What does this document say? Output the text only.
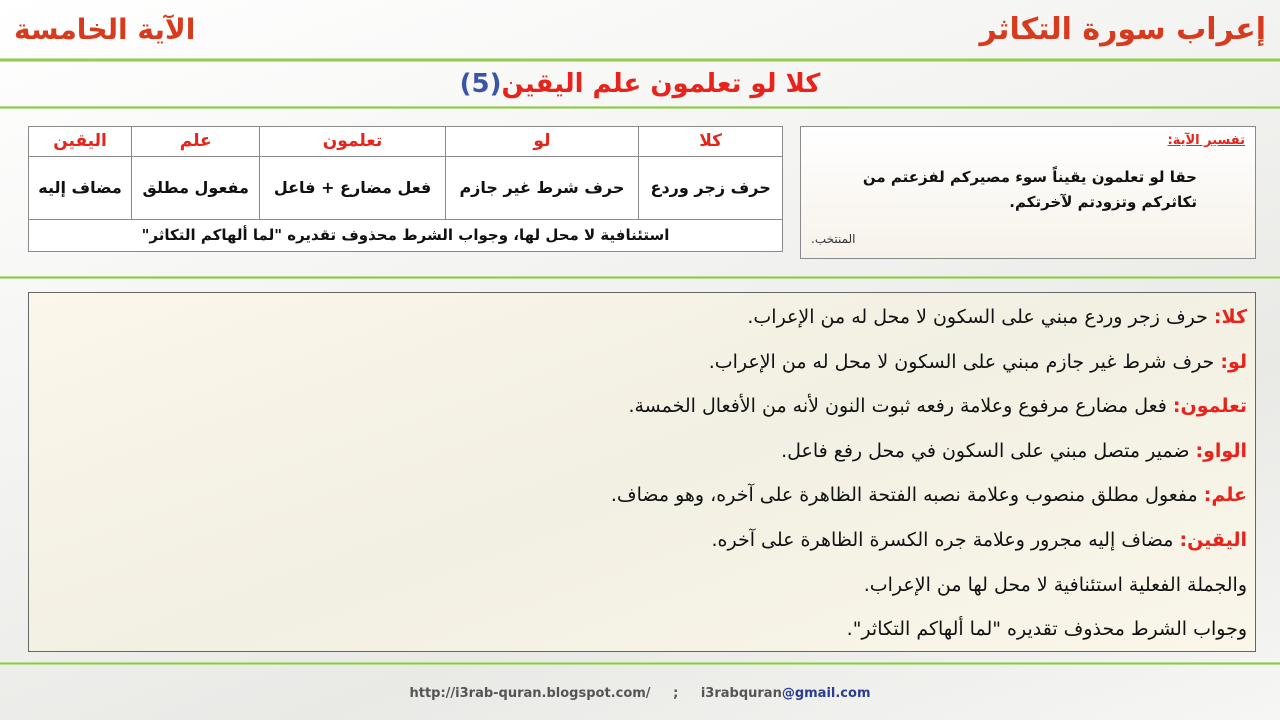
إعراب سورة التكاثر
الآية الخامسة
كلا لو تعلمون علم اليقين(5)
كلا	لو	تعلمون	علم	اليقين
حرف زجر وردع	حرف شرط غير جازم	فعل مضارع + فاعل	مفعول مطلق	مضاف إليه
استئنافية لا محل لها، وجواب الشرط محذوف تقديره "لما ألهاكم التكاثر"				
تفسير الآية:
حقا لو تعلمون يقيناً سوء مصيركم لفزعتم من تكاثركم وتزودتم لآخرتكم.
المنتخب.
كلا: حرف زجر وردع مبني على السكون لا محل له من الإعراب.
لو: حرف شرط غير جازم مبني على السكون لا محل له من الإعراب.
تعلمون: فعل مضارع مرفوع وعلامة رفعه ثبوت النون لأنه من الأفعال الخمسة.
الواو: ضمير متصل مبني على السكون في محل رفع فاعل.
علم: مفعول مطلق منصوب وعلامة نصبه الفتحة الظاهرة على آخره، وهو مضاف.
اليقين: مضاف إليه مجرور وعلامة جره الكسرة الظاهرة على آخره.
والجملة الفعلية استئنافية لا محل لها من الإعراب.
وجواب الشرط محذوف تقديره "لما ألهاكم التكاثر".
http://i3rab-quran.blogspot.com/ ; i3rabquran@gmail.com
